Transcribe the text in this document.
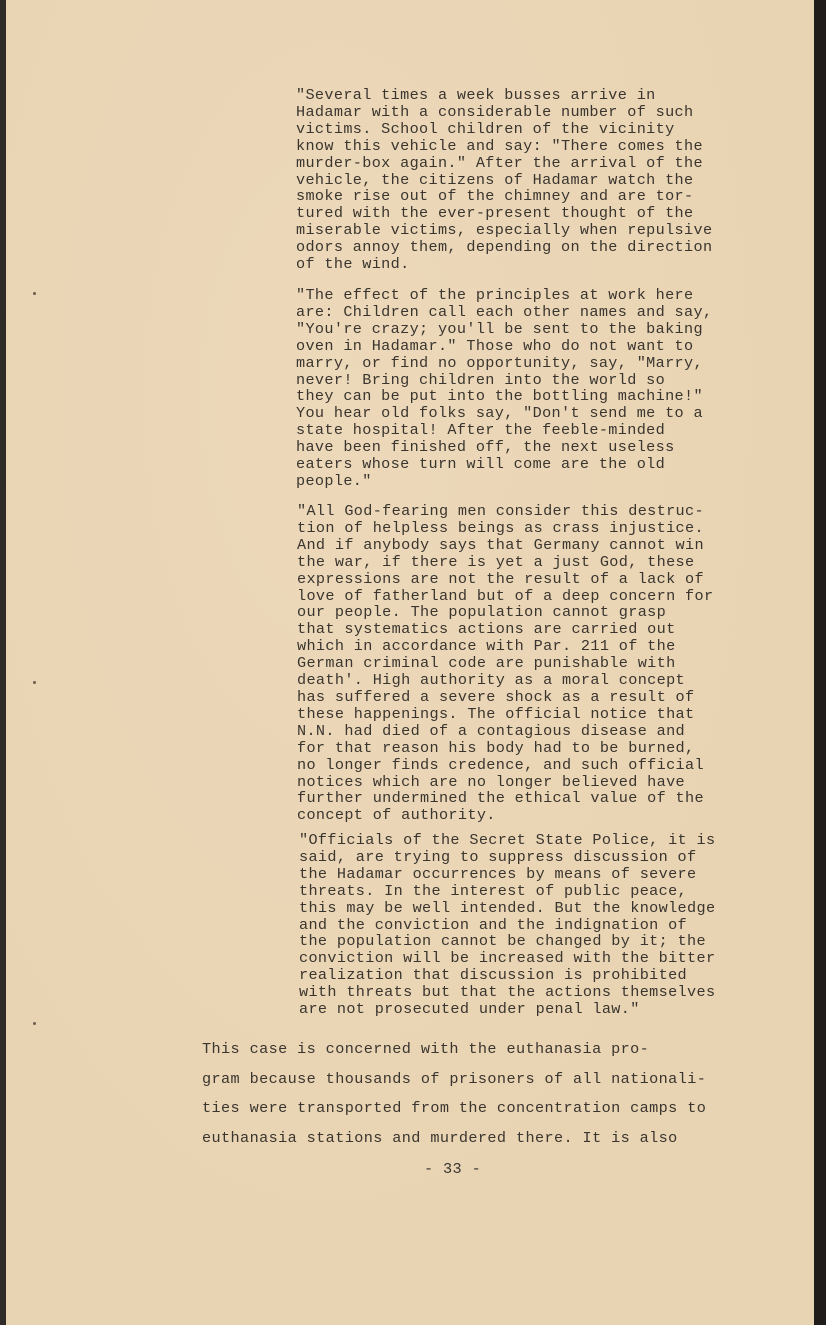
"Several times a week busses arrive in
Hadamar with a considerable number of such
victims. School children of the vicinity
know this vehicle and say: "There comes the
murder-box again." After the arrival of the
vehicle, the citizens of Hadamar watch the
smoke rise out of the chimney and are tor-
tured with the ever-present thought of the
miserable victims, especially when repulsive
odors annoy them, depending on the direction
of the wind.

"The effect of the principles at work here
are: Children call each other names and say,
"You're crazy; you'll be sent to the baking
oven in Hadamar." Those who do not want to
marry, or find no opportunity, say, "Marry,
never! Bring children into the world so
they can be put into the bottling machine!"
You hear old folks say, "Don't send me to a
state hospital! After the feeble-minded
have been finished off, the next useless
eaters whose turn will come are the old
people."

"All God-fearing men consider this destruc-
tion of helpless beings as crass injustice.
And if anybody says that Germany cannot win
the war, if there is yet a just God, these
expressions are not the result of a lack of
love of fatherland but of a deep concern for
our people. The population cannot grasp
that systematics actions are carried out
which in accordance with Par. 211 of the
German criminal code are punishable with
death'. High authority as a moral concept
has suffered a severe shock as a result of
these happenings. The official notice that
N.N. had died of a contagious disease and
for that reason his body had to be burned,
no longer finds credence, and such official
notices which are no longer believed have
further undermined the ethical value of the
concept of authority.

"Officials of the Secret State Police, it is
said, are trying to suppress discussion of
the Hadamar occurrences by means of severe
threats. In the interest of public peace,
this may be well intended. But the knowledge
and the conviction and the indignation of
the population cannot be changed by it; the
conviction will be increased with the bitter
realization that discussion is prohibited
with threats but that the actions themselves
are not prosecuted under penal law."

This case is concerned with the euthanasia pro-
gram because thousands of prisoners of all nationali-
ties were transported from the concentration camps to
euthanasia stations and murdered there. It is also

- 33 -
